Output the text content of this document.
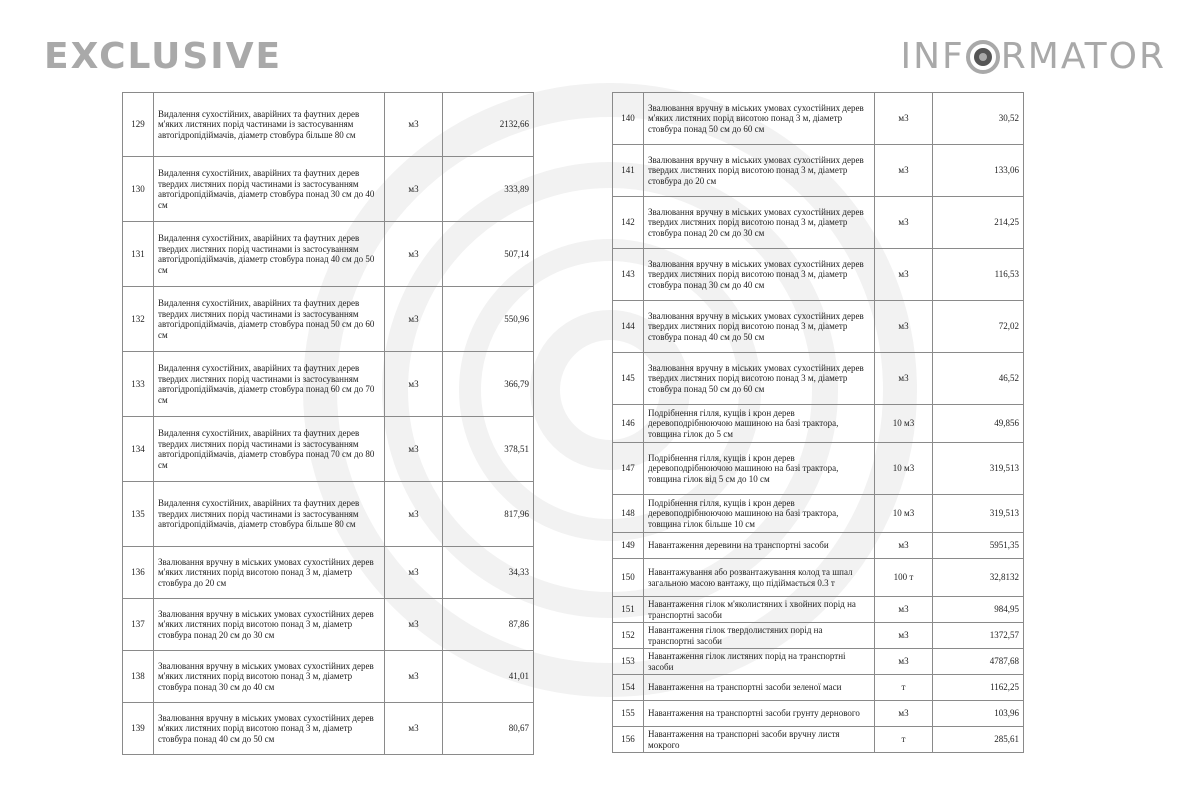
EXCLUSIVE	INF RMATOR
129	Видалення сухостійних, аварійних та фаутних дерев м'яких листяних порід частинами із застосуванням автогідропідіймачів, діаметр стовбура більше 80 см	м3	2132,66
130	Видалення сухостійних, аварійних та фаутних дерев твердих листяних порід частинами із застосуванням автогідропідіймачів, діаметр стовбура понад 30 см до 40 см	м3	333,89
131	Видалення сухостійних, аварійних та фаутних дерев твердих листяних порід частинами із застосуванням автогідропідіймачів, діаметр стовбура понад 40 см до 50 см	м3	507,14
132	Видалення сухостійних, аварійних та фаутних дерев твердих листяних порід частинами із застосуванням автогідропідіймачів, діаметр стовбура понад 50 см до 60 см	м3	550,96
133	Видалення сухостійних, аварійних та фаутних дерев твердих листяних порід частинами із застосуванням автогідропідіймачів, діаметр стовбура понад 60 см до 70 см	м3	366,79
134	Видалення сухостійних, аварійних та фаутних дерев твердих листяних порід частинами із застосуванням автогідропідіймачів, діаметр стовбура понад 70 см до 80 см	м3	378,51
135	Видалення сухостійних, аварійних та фаутних дерев твердих листяних порід частинами із застосуванням автогідропідіймачів, діаметр стовбура більше 80 см	м3	817,96
136	Звалювання вручну в міських умовах сухостійних дерев м'яких листяних порід висотою понад 3 м, діаметр стовбура до 20 см	м3	34,33
137	Звалювання вручну в міських умовах сухостійних дерев м'яких листяних порід висотою понад 3 м, діаметр стовбура понад 20 см до 30 см	м3	87,86
138	Звалювання вручну в міських умовах сухостійних дерев м'яких листяних порід висотою понад 3 м, діаметр стовбура понад 30 см до 40 см	м3	41,01
139	Звалювання вручну в міських умовах сухостійних дерев м'яких листяних порід висотою понад 3 м, діаметр стовбура понад 40 см до 50 см	м3	80,67
140	Звалювання вручну в міських умовах сухостійних дерев м'яких листяних порід висотою понад 3 м, діаметр стовбура понад 50 см до 60 см	м3	30,52
141	Звалювання вручну в міських умовах сухостійних дерев твердих листяних порід висотою понад 3 м, діаметр стовбура до 20 см	м3	133,06
142	Звалювання вручну в міських умовах сухостійних дерев твердих листяних порід висотою понад 3 м, діаметр стовбура понад 20 см до 30 см	м3	214,25
143	Звалювання вручну в міських умовах сухостійних дерев твердих листяних порід висотою понад 3 м, діаметр стовбура понад 30 см до 40 см	м3	116,53
144	Звалювання вручну в міських умовах сухостійних дерев твердих листяних порід висотою понад 3 м, діаметр стовбура понад 40 см до 50 см	м3	72,02
145	Звалювання вручну в міських умовах сухостійних дерев твердих листяних порід висотою понад 3 м, діаметр стовбура понад 50 см до 60 см	м3	46,52
146	Подрібнення гілля, кущів і крон дерев деревоподрібнюючою машиною на базі трактора, товщина гілок до 5 см	10 м3	49,856
147	Подрібнення гілля, кущів і крон дерев деревоподрібнюючою машиною на базі трактора, товщина гілок від 5 см до 10 см	10 м3	319,513
148	Подрібнення гілля, кущів і крон дерев деревоподрібнюючою машиною на базі трактора, товщина гілок більше 10 см	10 м3	319,513
149	Навантаження деревини на транспортні засоби	м3	5951,35
150	Навантажування або розвантажування колод та шпал загальною масою вантажу, що підіймається 0.3 т	100 т	32,8132
151	Навантаження гілок м'яколистяних і хвойних порід на транспортні засоби	м3	984,95
152	Навантаження гілок твердолистяних порід на транспортні засоби	м3	1372,57
153	Навантаження гілок листяних порід на транспортні засоби	м3	4787,68
154	Навантаження на транспортні засоби зеленої маси	т	1162,25
155	Навантаження на транспортні засоби грунту дернового	м3	103,96
156	Навантаження на транспорні засоби вручну листя мокрого	т	285,61
